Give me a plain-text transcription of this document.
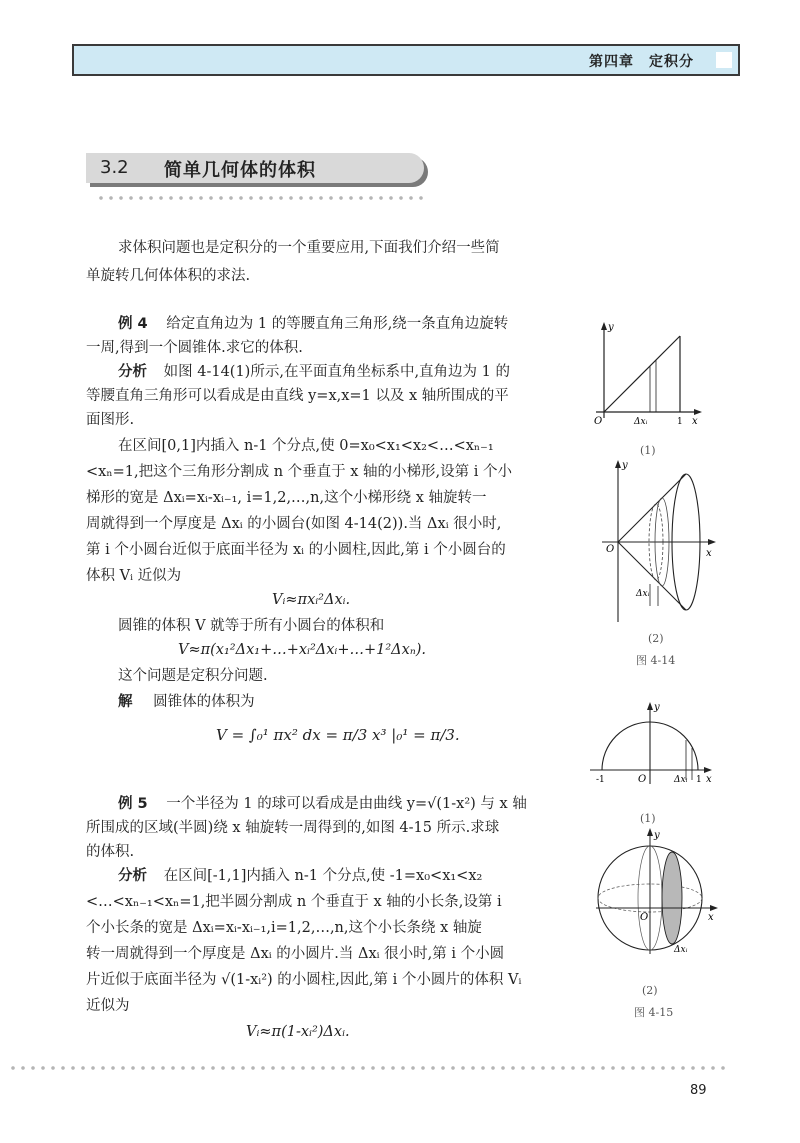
第四章　定积分
3.2 简单几何体的体积
求体积问题也是定积分的一个重要应用,下面我们介绍一些简
单旋转几何体体积的求法.
例 4 给定直角边为 1 的等腰直角三角形,绕一条直角边旋转
一周,得到一个圆锥体.求它的体积.
分析 如图 4-14(1)所示,在平面直角坐标系中,直角边为 1 的
等腰直角三角形可以看成是由直线 y=x,x=1 以及 x 轴所围成的平
面图形.
在区间[0,1]内插入 n-1 个分点,使 0=x₀<x₁<x₂<…<xₙ₋₁
<xₙ=1,把这个三角形分割成 n 个垂直于 x 轴的小梯形,设第 i 个小
梯形的宽是 Δxᵢ=xᵢ-xᵢ₋₁, i=1,2,…,n,这个小梯形绕 x 轴旋转一
周就得到一个厚度是 Δxᵢ 的小圆台(如图 4-14(2)).当 Δxᵢ 很小时,
第 i 个小圆台近似于底面半径为 xᵢ 的小圆柱,因此,第 i 个小圆台的
体积 Vᵢ 近似为
Vᵢ≈πxᵢ²Δxᵢ.
圆锥的体积 V 就等于所有小圆台的体积和
V≈π(x₁²Δx₁+…+xᵢ²Δxᵢ+…+1²Δxₙ).
这个问题是定积分问题.
解 圆锥体的体积为
V = ∫₀¹ πx² dx = π/3 x³ |₀¹ = π/3.
例 5 一个半径为 1 的球可以看成是由曲线 y=√(1-x²) 与 x 轴
所围成的区域(半圆)绕 x 轴旋转一周得到的,如图 4-15 所示.求球
的体积.
分析 在区间[-1,1]内插入 n-1 个分点,使 -1=x₀<x₁<x₂
<…<xₙ₋₁<xₙ=1,把半圆分割成 n 个垂直于 x 轴的小长条,设第 i
个小长条的宽是 Δxᵢ=xᵢ-xᵢ₋₁,i=1,2,…,n,这个小长条绕 x 轴旋
转一周就得到一个厚度是 Δxᵢ 的小圆片.当 Δxᵢ 很小时,第 i 个小圆
片近似于底面半径为 √(1-xᵢ²) 的小圆柱,因此,第 i 个小圆片的体积 Vᵢ
近似为
Vᵢ≈π(1-xᵢ²)Δxᵢ.
y
x
O	1
Δxᵢ
(1)
y
x
O
Δxᵢ
(2)
图 4-14
-1	O	1
Δxᵢ
y
x
(1)
y
x
O
Δxᵢ
(2)
图 4-15
89
